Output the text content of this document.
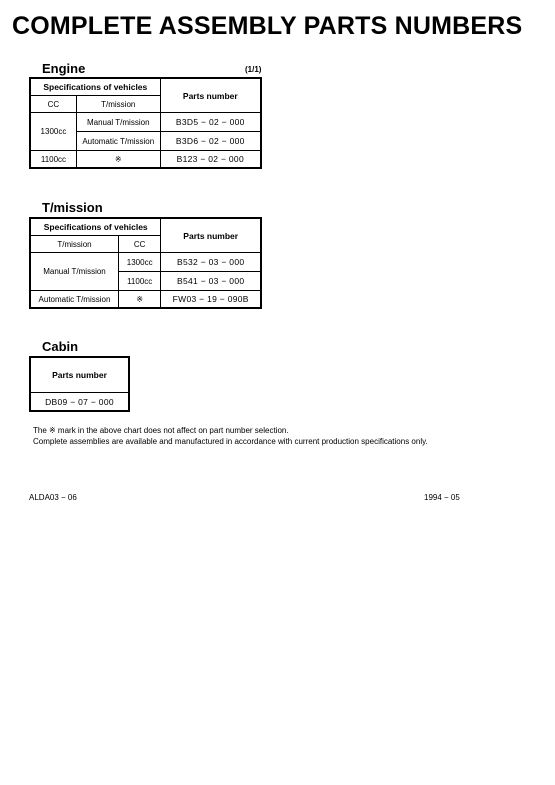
COMPLETE ASSEMBLY PARTS NUMBERS
Engine	(1/1)
Specifications of vehicles		Parts number
CC	T/mission	
1300cc	Manual T/mission	B3D5 − 02 − 000
	Automatic T/mission	B3D6 − 02 − 000
1100cc	※	B123 − 02 − 000
T/mission
Specifications of vehicles		Parts number
T/mission	CC	
Manual T/mission	1300cc	B532 − 03 − 000
	1100cc	B541 − 03 − 000
Automatic T/mission	※	FW03 − 19 − 090B
Cabin
Parts number
DB09 − 07 − 000
The ※ mark in the above chart does not affect on part number selection.
Complete assemblies are available and manufactured in accordance with current production specifications only.
ALDA03 − 06	1994 − 05
